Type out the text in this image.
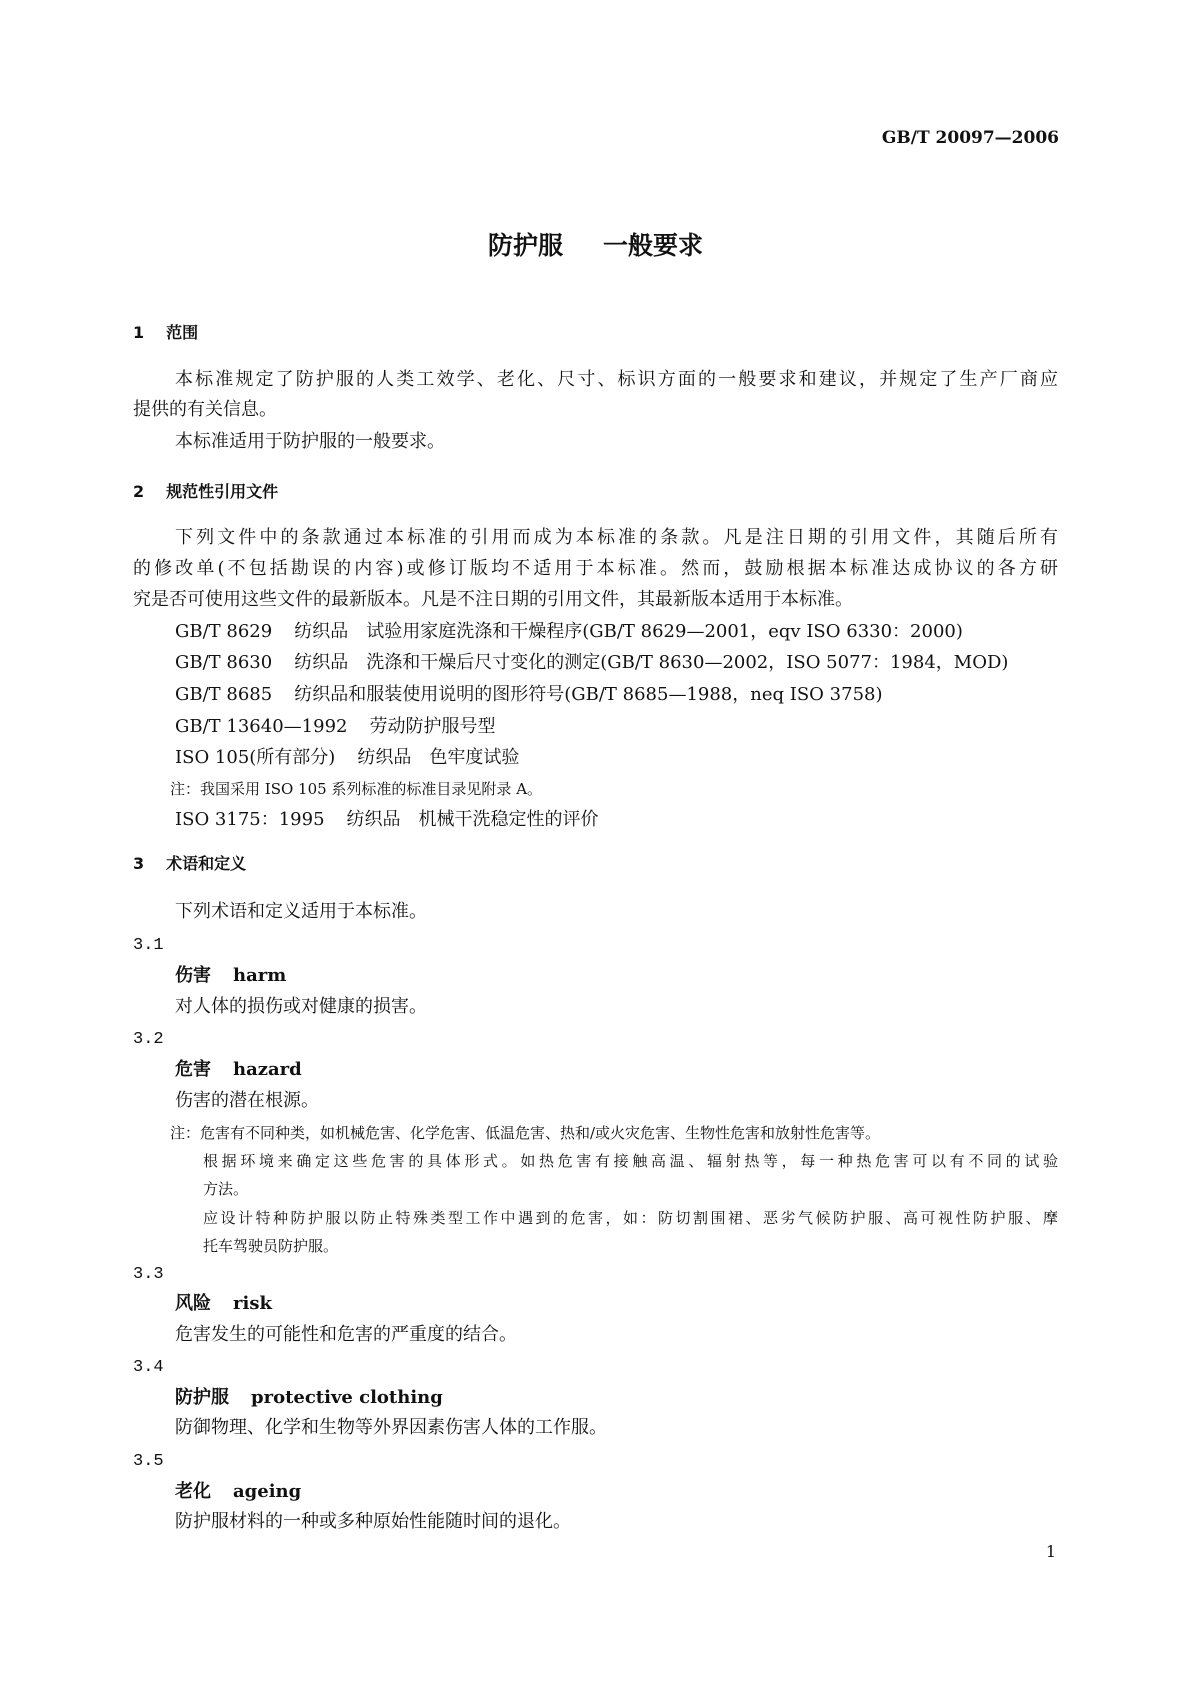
GB/T 20097—2006
防护服 一般要求
1 范围
本标准规定了防护服的人类工效学、老化、尺寸、标识方面的一般要求和建议，并规定了生产厂商应
提供的有关信息。
本标准适用于防护服的一般要求。
2 规范性引用文件
下列文件中的条款通过本标准的引用而成为本标准的条款。凡是注日期的引用文件，其随后所有
的修改单(不包括勘误的内容)或修订版均不适用于本标准。然而，鼓励根据本标准达成协议的各方研
究是否可使用这些文件的最新版本。凡是不注日期的引用文件，其最新版本适用于本标准。
GB/T 8629 纺织品　试验用家庭洗涤和干燥程序(GB/T 8629—2001，eqv ISO 6330：2000)
GB/T 8630 纺织品　洗涤和干燥后尺寸变化的测定(GB/T 8630—2002，ISO 5077：1984，MOD)
GB/T 8685 纺织品和服装使用说明的图形符号(GB/T 8685—1988，neq ISO 3758)
GB/T 13640—1992 劳动防护服号型
ISO 105(所有部分) 纺织品　色牢度试验
注：我国采用 ISO 105 系列标准的标准目录见附录 A。
ISO 3175：1995 纺织品　机械干洗稳定性的评价
3 术语和定义
下列术语和定义适用于本标准。
3.1
伤害 harm
对人体的损伤或对健康的损害。
3.2
危害 hazard
伤害的潜在根源。
注：危害有不同种类，如机械危害、化学危害、低温危害、热和/或火灾危害、生物性危害和放射性危害等。
根据环境来确定这些危害的具体形式。如热危害有接触高温、辐射热等，每一种热危害可以有不同的试验
方法。
应设计特种防护服以防止特殊类型工作中遇到的危害，如：防切割围裙、恶劣气候防护服、高可视性防护服、摩
托车驾驶员防护服。
3.3
风险 risk
危害发生的可能性和危害的严重度的结合。
3.4
防护服 protective clothing
防御物理、化学和生物等外界因素伤害人体的工作服。
3.5
老化 ageing
防护服材料的一种或多种原始性能随时间的退化。
1
